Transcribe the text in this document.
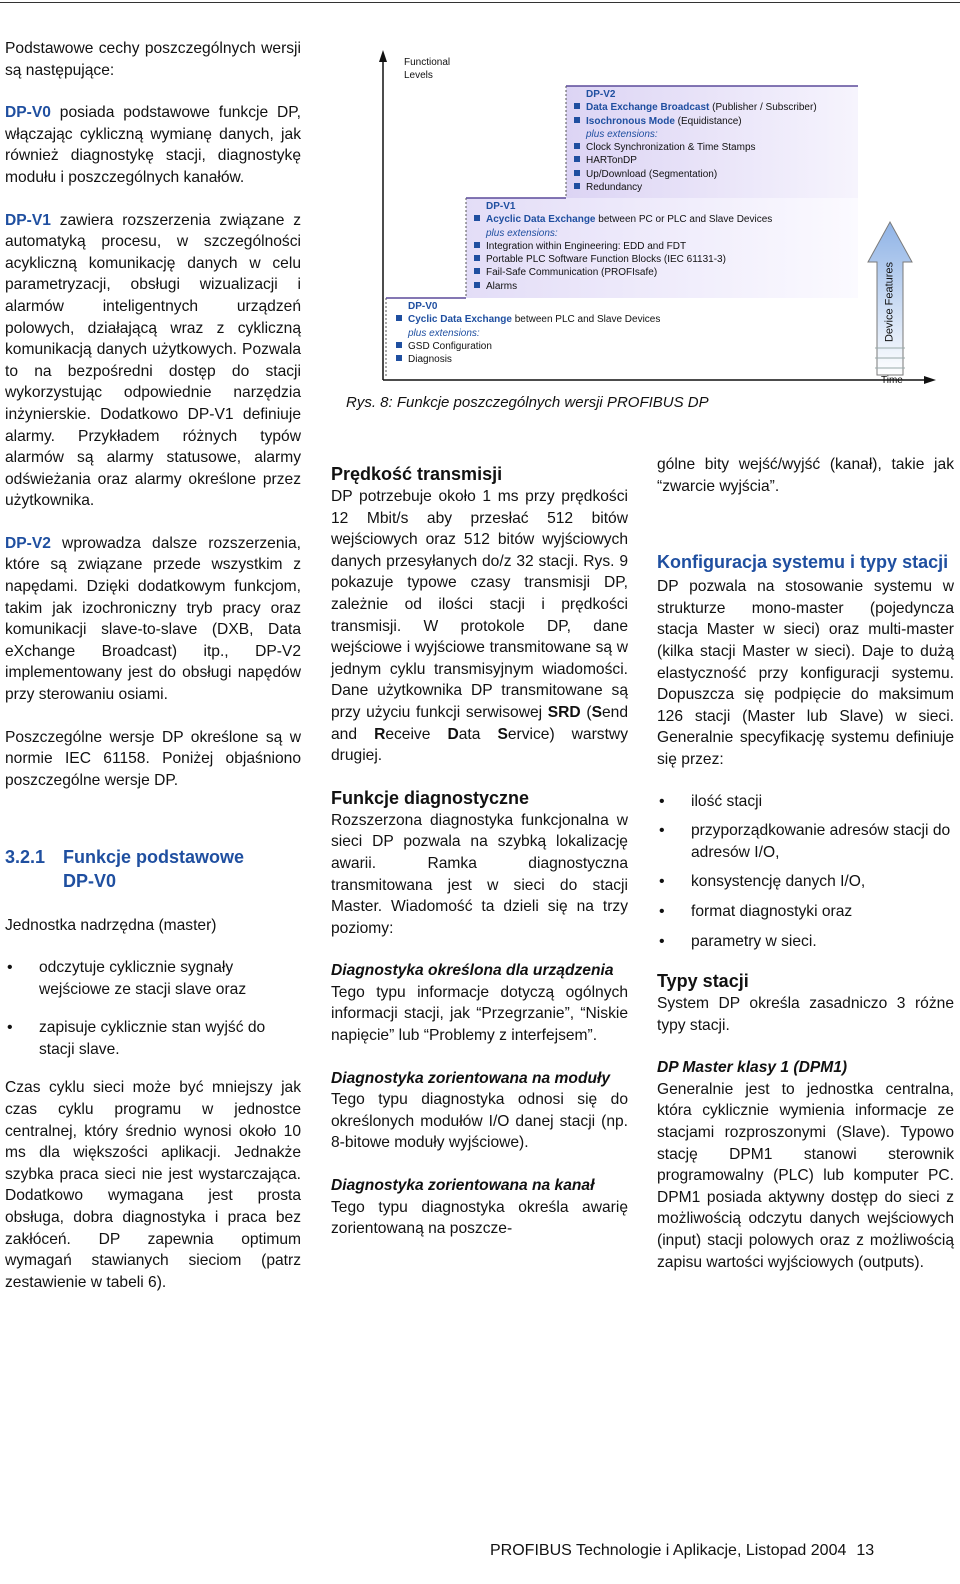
Podstawowe cechy poszczególnych wersji są następujące:

DP-V0 posiada podstawowe funkcje DP, włączając cykliczną wymianę danych, jak również diagnostykę stacji, diagnostykę modułu i poszczególnych kanałów.

DP-V1 zawiera rozszerzenia związane z automatyką procesu, w szczególności acykliczną komunikację danych w celu parametryzacji, obsługi wizualizacji i alarmów inteligentnych urządzeń polowych, działającą wraz z cykliczną komunikacją danych użytkowych. Pozwala to na bezpośredni dostęp do stacji wykorzystując odpowiednie narzędzia inżynierskie. Dodatkowo DP-V1 definiuje alarmy. Przykładem różnych typów alarmów są alarmy statusowe, alarmy odświeżania oraz alarmy określone przez użytkownika.

DP-V2 wprowadza dalsze rozszerzenia, które są związane przede wszystkim z napędami. Dzięki dodatkowym funkcjom, takim jak izochroniczny tryb pracy oraz komunikacji slave-to-slave (DXB, Data eXchange Broadcast) itp., DP-V2 implementowany jest do obsługi napędów przy sterowaniu osiami.

Poszczególne wersje DP określone są w normie IEC 61158. Poniżej objaśniono poszczególne wersje DP.

3.2.1 Funkcje podstawowe DP-V0

Jednostka nadrzędna (master)

• odczytuje cyklicznie sygnały wejściowe ze stacji slave oraz
• zapisuje cyklicznie stan wyjść do stacji slave.

Czas cyklu sieci może być mniejszy jak czas cyklu programu w jednostce centralnej, który średnio wynosi około 10 ms dla większości aplikacji. Jednakże szybka praca sieci nie jest wystarczająca. Dodatkowo wymagana jest prosta obsługa, dobra diagnostyka i praca bez zakłóceń. DP zapewnia optimum wymagań stawianych sieciom (patrz zestawienie w tabeli 6).

Functional Levels
Time
Device Features
DP-V2
Data Exchange Broadcast (Publisher / Subscriber)
Isochronous Mode (Equidistance)
plus extensions:
Clock Synchronization & Time Stamps
HARTonDP
Up/Download (Segmentation)
Redundancy
DP-V1
Acyclic Data Exchange between PC or PLC and Slave Devices
plus extensions:
Integration within Engineering: EDD and FDT
Portable PLC Software Function Blocks (IEC 61131-3)
Fail-Safe Communication (PROFIsafe)
Alarms
DP-V0
Cyclic Data Exchange between PLC and Slave Devices
plus extensions:
GSD Configuration
Diagnosis
Rys. 8: Funkcje poszczególnych wersji PROFIBUS DP
Prędkość transmisji

DP potrzebuje około 1 ms przy prędkości 12 Mbit/s aby przesłać 512 bitów wejściowych oraz 512 bitów wyjściowych danych przesyłanych do/z 32 stacji. Rys. 9 pokazuje typowe czasy transmisji DP, zależnie od ilości stacji i prędkości transmisji. W protokole DP, dane wejściowe i wyjściowe transmitowane są w jednym cyklu transmisyjnym wiadomości. Dane użytkownika DP transmitowane są przy użyciu funkcji serwisowej SRD (Send and Receive Data Service) warstwy drugiej.

Funkcje diagnostyczne

Rozszerzona diagnostyka funkcjonalna w sieci DP pozwala na szybką lokalizację awarii. Ramka diagnostyczna transmitowana jest w sieci do stacji Master. Wiadomość ta dzieli się na trzy poziomy:

Diagnostyka określona dla urządzenia

Tego typu informacje dotyczą ogólnych informacji stacji, jak “Przegrzanie”, “Niskie napięcie” lub “Problemy z interfejsem”.

Diagnostyka zorientowana na moduły

Tego typu diagnostyka odnosi się do określonych modułów I/O danej stacji (np. 8-bitowe moduły wyjściowe).

Diagnostyka zorientowana na kanał

Tego typu diagnostyka określa awarię zorientowaną na poszcze-

gólne bity wejść/wyjść (kanał), takie jak “zwarcie wyjścia”.

Konfiguracja systemu i typy stacji

DP pozwala na stosowanie systemu w strukturze mono-master (pojedyncza stacja Master w sieci) oraz multi-master (kilka stacji Master w sieci). Daje to dużą elastyczność przy konfiguracji systemu. Dopuszcza się podpięcie do maksimum 126 stacji (Master lub Slave) w sieci. Generalnie specyfikację systemu definiuje się przez:

• ilość stacji
• przyporządkowanie adresów stacji do adresów I/O,
• konsystencję danych I/O,
• format diagnostyki oraz
• parametry w sieci.
Typy stacji

System DP określa zasadniczo 3 różne typy stacji.

DP Master klasy 1 (DPM1)

Generalnie jest to jednostka centralna, która cyklicznie wymienia informacje ze stacjami rozproszonymi (Slave). Typowo stację DPM1 stanowi sterownik programowalny (PLC) lub komputer PC. DPM1 posiada aktywny dostęp do sieci z możliwością odczytu danych wejściowych (input) stacji polowych oraz z możliwością zapisu wartości wyjściowych (outputs).

PROFIBUS Technologie i Aplikacje, Listopad 2004 13
